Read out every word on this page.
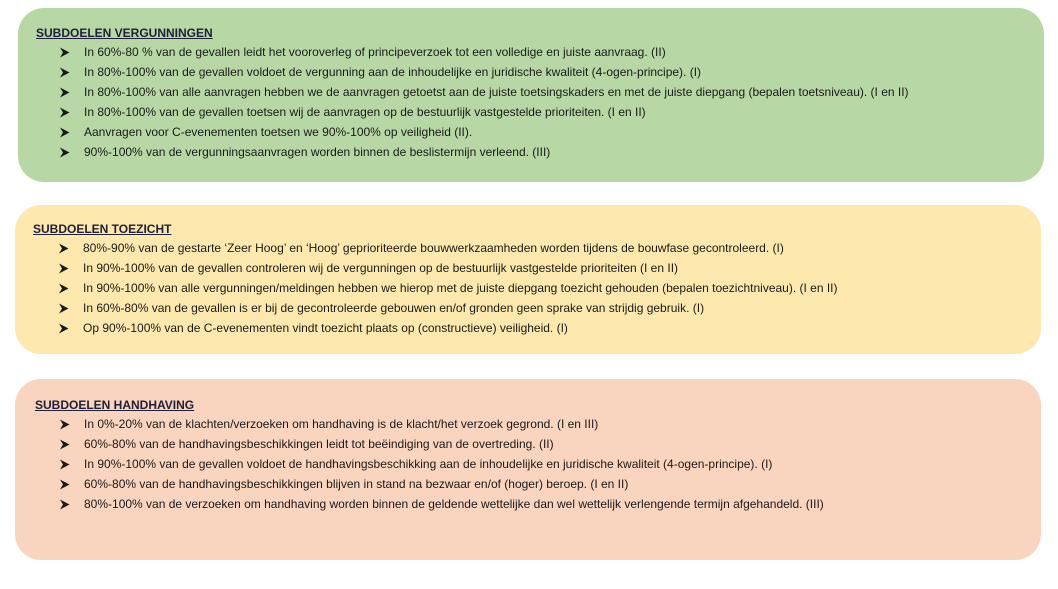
SUBDOELEN VERGUNNINGEN
In 60%-80 % van de gevallen leidt het vooroverleg of principeverzoek tot een volledige en juiste aanvraag. (II)
In 80%-100% van de gevallen voldoet de vergunning aan de inhoudelijke en juridische kwaliteit (4-ogen-principe). (I)
In 80%-100% van alle aanvragen hebben we de aanvragen getoetst aan de juiste toetsingskaders en met de juiste diepgang (bepalen toetsniveau). (I en II)
In 80%-100% van de gevallen toetsen wij de aanvragen op de bestuurlijk vastgestelde prioriteiten. (I en II)
Aanvragen voor C-evenementen toetsen we 90%-100% op veiligheid (II).
90%-100% van de vergunningsaanvragen worden binnen de beslistermijn verleend. (III)
SUBDOELEN TOEZICHT
80%-90% van de gestarte ‘Zeer Hoog’ en ‘Hoog’ geprioriteerde bouwwerkzaamheden worden tijdens de bouwfase gecontroleerd. (I)
In 90%-100% van de gevallen controleren wij de vergunningen op de bestuurlijk vastgestelde prioriteiten (I en II)
In 90%-100% van alle vergunningen/meldingen hebben we hierop met de juiste diepgang toezicht gehouden (bepalen toezichtniveau). (I en II)
In 60%-80% van de gevallen is er bij de gecontroleerde gebouwen en/of gronden geen sprake van strijdig gebruik. (I)
Op 90%-100% van de C-evenementen vindt toezicht plaats op (constructieve) veiligheid. (I)
SUBDOELEN HANDHAVING
In 0%-20% van de klachten/verzoeken om handhaving is de klacht/het verzoek gegrond. (I en III)
60%-80% van de handhavingsbeschikkingen leidt tot beëindiging van de overtreding. (II)
In 90%-100% van de gevallen voldoet de handhavingsbeschikking aan de inhoudelijke en juridische kwaliteit (4-ogen-principe). (I)
60%-80% van de handhavingsbeschikkingen blijven in stand na bezwaar en/of (hoger) beroep. (I en II)
80%-100% van de verzoeken om handhaving worden binnen de geldende wettelijke dan wel wettelijk verlengende termijn afgehandeld. (III)
